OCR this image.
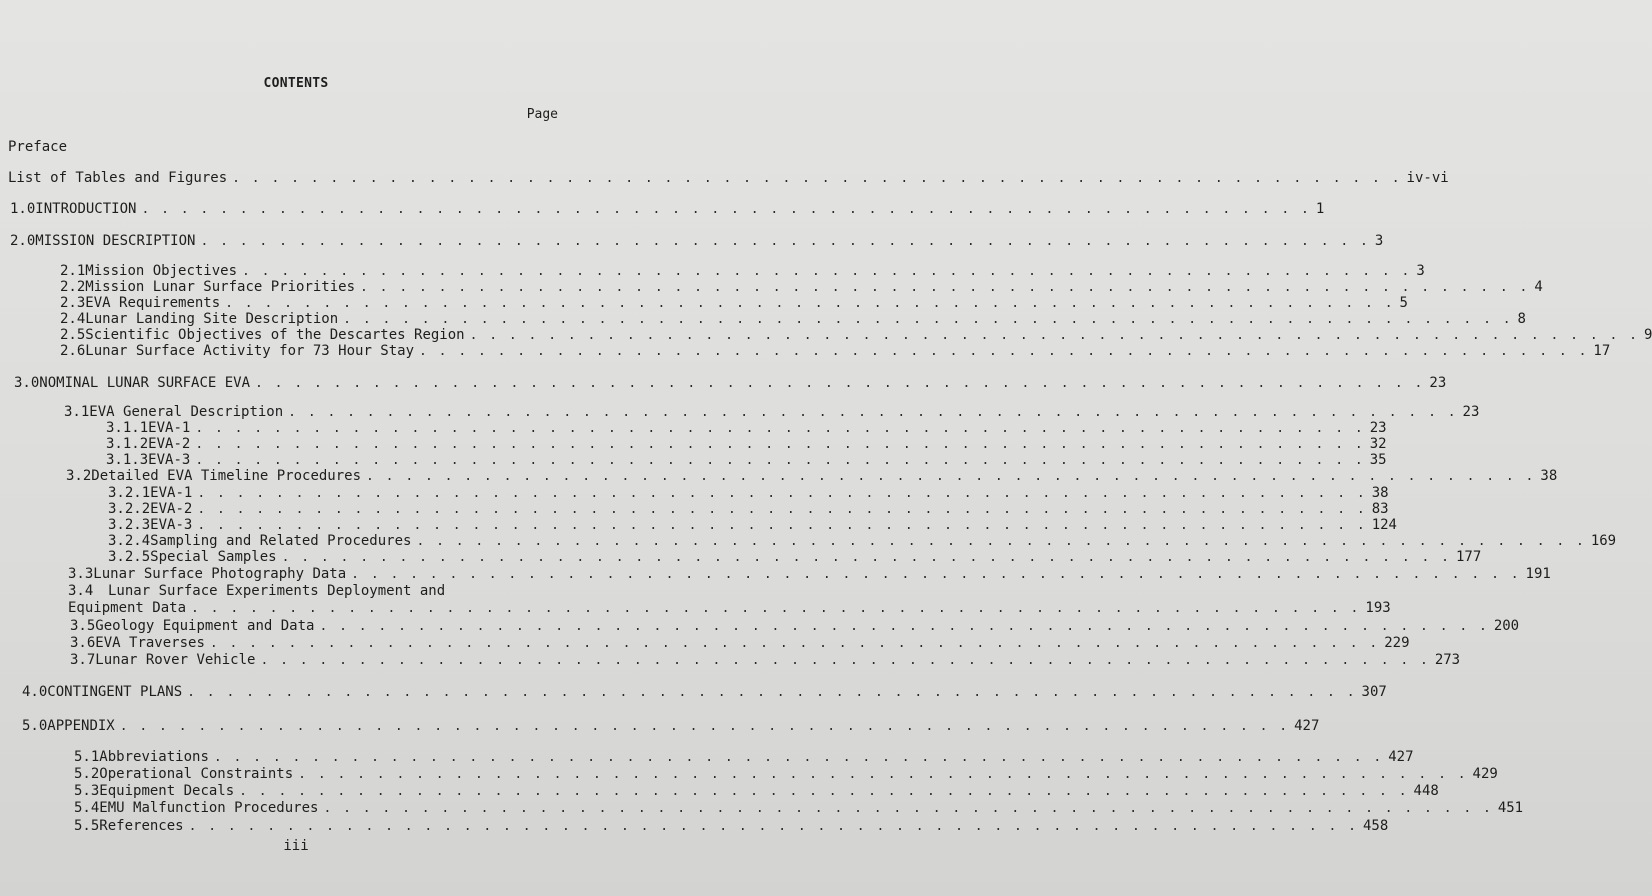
CONTENTS
Page
Preface
List of Tables and Figures . . . . . . . . . . . . . . . . . . . . . . . . . . . . . . . . . . . . . . . . . . . . . . . . . . . . . . . . . . . . iv-vi
1.0 INTRODUCTION . . . . . . . . . . . . . . . . . . . . . . . . . . . . . . . . . . . . . . . . . . . . . . . . . . . . . . . . . . . . 1
2.0 MISSION DESCRIPTION . . . . . . . . . . . . . . . . . . . . . . . . . . . . . . . . . . . . . . . . . . . . . . . . . . . . . . . . . . . . 3
2.1 Mission Objectives . . . . . . . . . . . . . . . . . . . . . . . . . . . . . . . . . . . . . . . . . . . . . . . . . . . . . . . . . . . . 3
2.2 Mission Lunar Surface Priorities . . . . . . . . . . . . . . . . . . . . . . . . . . . . . . . . . . . . . . . . . . . . . . . . . . . . . . . . . . . . 4
2.3 EVA Requirements . . . . . . . . . . . . . . . . . . . . . . . . . . . . . . . . . . . . . . . . . . . . . . . . . . . . . . . . . . . . 5
2.4 Lunar Landing Site Description . . . . . . . . . . . . . . . . . . . . . . . . . . . . . . . . . . . . . . . . . . . . . . . . . . . . . . . . . . . . 8
2.5 Scientific Objectives of the Descartes Region . . . . . . . . . . . . . . . . . . . . . . . . . . . . . . . . . . . . . . . . . . . . . . . . . . . . . . . . . . . . 9
2.6 Lunar Surface Activity for 73 Hour Stay . . . . . . . . . . . . . . . . . . . . . . . . . . . . . . . . . . . . . . . . . . . . . . . . . . . . . . . . . . . . 17
3.0 NOMINAL LUNAR SURFACE EVA . . . . . . . . . . . . . . . . . . . . . . . . . . . . . . . . . . . . . . . . . . . . . . . . . . . . . . . . . . . . 23
3.1 EVA General Description . . . . . . . . . . . . . . . . . . . . . . . . . . . . . . . . . . . . . . . . . . . . . . . . . . . . . . . . . . . . 23
3.1.1 EVA-1 . . . . . . . . . . . . . . . . . . . . . . . . . . . . . . . . . . . . . . . . . . . . . . . . . . . . . . . . . . . . 23
3.1.2 EVA-2 . . . . . . . . . . . . . . . . . . . . . . . . . . . . . . . . . . . . . . . . . . . . . . . . . . . . . . . . . . . . 32
3.1.3 EVA-3 . . . . . . . . . . . . . . . . . . . . . . . . . . . . . . . . . . . . . . . . . . . . . . . . . . . . . . . . . . . . 35
3.2 Detailed EVA Timeline Procedures . . . . . . . . . . . . . . . . . . . . . . . . . . . . . . . . . . . . . . . . . . . . . . . . . . . . . . . . . . . . 38
3.2.1 EVA-1 . . . . . . . . . . . . . . . . . . . . . . . . . . . . . . . . . . . . . . . . . . . . . . . . . . . . . . . . . . . . 38
3.2.2 EVA-2 . . . . . . . . . . . . . . . . . . . . . . . . . . . . . . . . . . . . . . . . . . . . . . . . . . . . . . . . . . . . 83
3.2.3 EVA-3 . . . . . . . . . . . . . . . . . . . . . . . . . . . . . . . . . . . . . . . . . . . . . . . . . . . . . . . . . . . . 124
3.2.4 Sampling and Related Procedures . . . . . . . . . . . . . . . . . . . . . . . . . . . . . . . . . . . . . . . . . . . . . . . . . . . . . . . . . . . . 169
3.2.5 Special Samples . . . . . . . . . . . . . . . . . . . . . . . . . . . . . . . . . . . . . . . . . . . . . . . . . . . . . . . . . . . . 177
3.3 Lunar Surface Photography Data . . . . . . . . . . . . . . . . . . . . . . . . . . . . . . . . . . . . . . . . . . . . . . . . . . . . . . . . . . . . 191
3.4	Lunar Surface Experiments Deployment and
Equipment Data . . . . . . . . . . . . . . . . . . . . . . . . . . . . . . . . . . . . . . . . . . . . . . . . . . . . . . . . . . . . 193
3.5 Geology Equipment and Data . . . . . . . . . . . . . . . . . . . . . . . . . . . . . . . . . . . . . . . . . . . . . . . . . . . . . . . . . . . . 200
3.6 EVA Traverses . . . . . . . . . . . . . . . . . . . . . . . . . . . . . . . . . . . . . . . . . . . . . . . . . . . . . . . . . . . . 229
3.7 Lunar Rover Vehicle . . . . . . . . . . . . . . . . . . . . . . . . . . . . . . . . . . . . . . . . . . . . . . . . . . . . . . . . . . . . 273
4.0 CONTINGENT PLANS . . . . . . . . . . . . . . . . . . . . . . . . . . . . . . . . . . . . . . . . . . . . . . . . . . . . . . . . . . . . 307
5.0 APPENDIX . . . . . . . . . . . . . . . . . . . . . . . . . . . . . . . . . . . . . . . . . . . . . . . . . . . . . . . . . . . . 427
5.1 Abbreviations . . . . . . . . . . . . . . . . . . . . . . . . . . . . . . . . . . . . . . . . . . . . . . . . . . . . . . . . . . . . 427
5.2 Operational Constraints . . . . . . . . . . . . . . . . . . . . . . . . . . . . . . . . . . . . . . . . . . . . . . . . . . . . . . . . . . . . 429
5.3 Equipment Decals . . . . . . . . . . . . . . . . . . . . . . . . . . . . . . . . . . . . . . . . . . . . . . . . . . . . . . . . . . . . 448
5.4 EMU Malfunction Procedures . . . . . . . . . . . . . . . . . . . . . . . . . . . . . . . . . . . . . . . . . . . . . . . . . . . . . . . . . . . . 451
5.5 References . . . . . . . . . . . . . . . . . . . . . . . . . . . . . . . . . . . . . . . . . . . . . . . . . . . . . . . . . . . . 458
iii
